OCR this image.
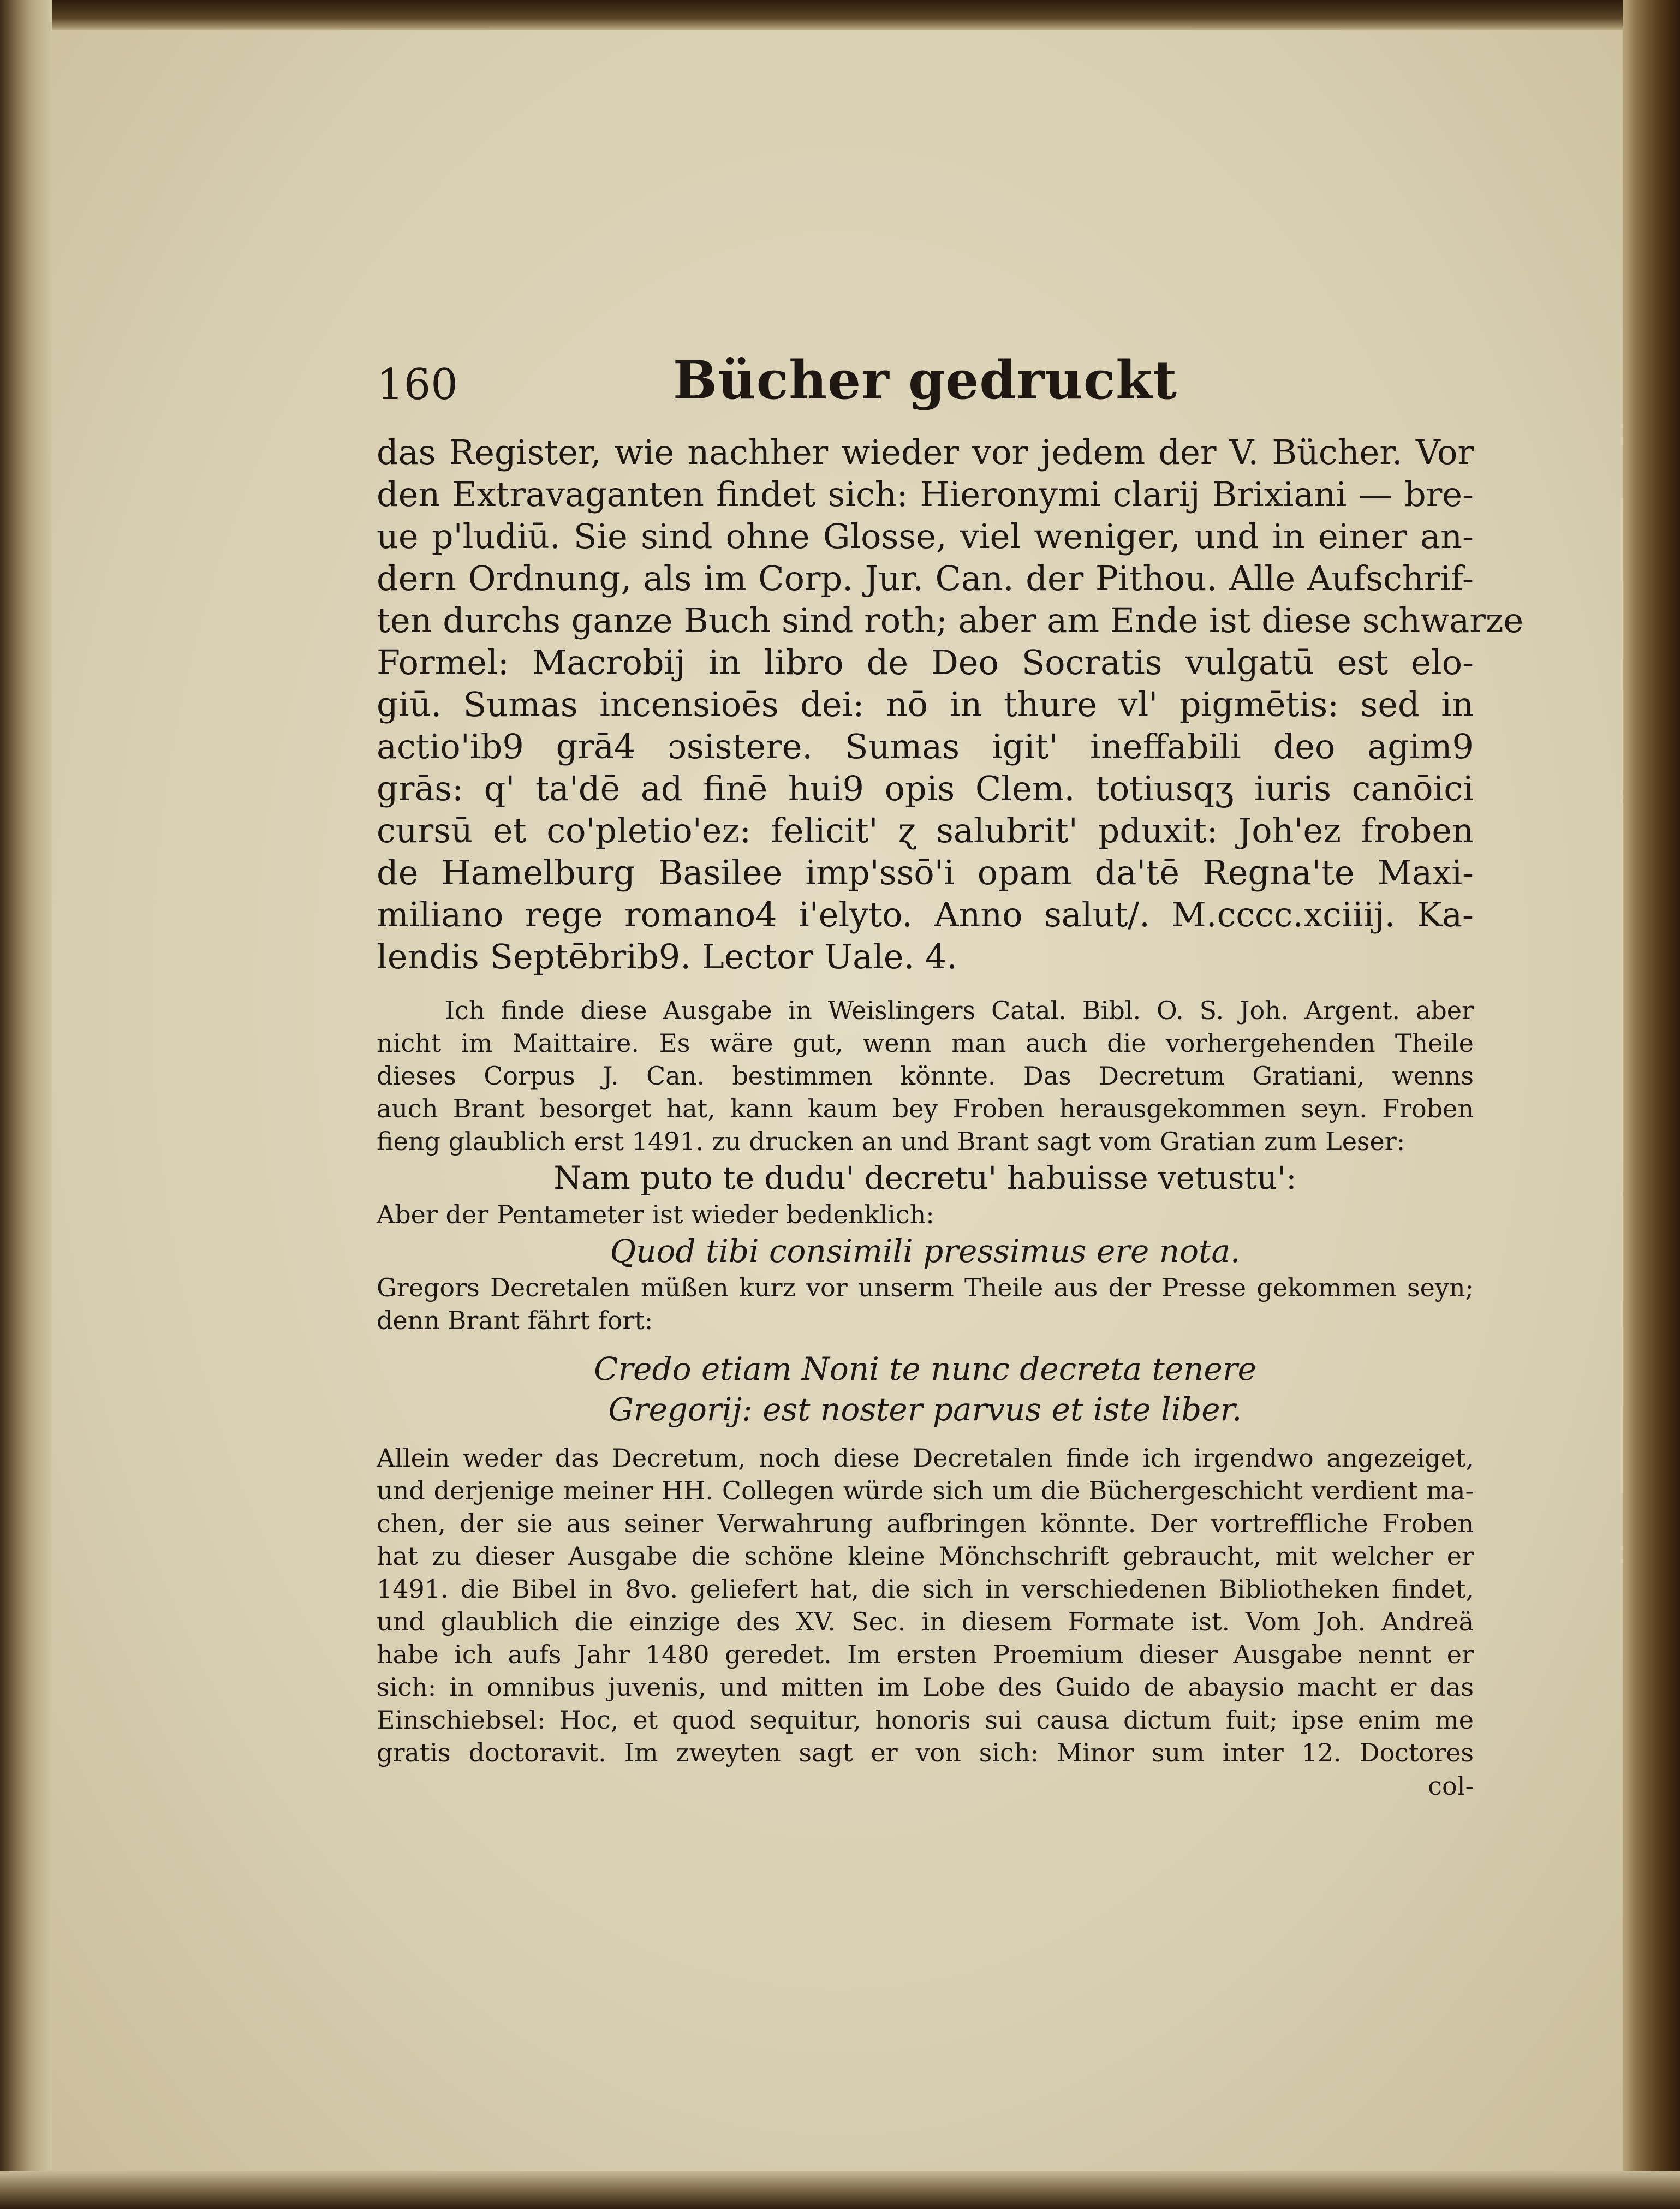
160	Bücher gedruckt
das Register, wie nachher wieder vor jedem der V. Bücher. Vor
den Extravaganten findet sich: Hieronymi clarij Brixiani — bre-
ue p'ludiū. Sie sind ohne Glosse, viel weniger, und in einer an-
dern Ordnung, als im Corp. Jur. Can. der Pithou. Alle Aufschrif-
ten durchs ganze Buch sind roth; aber am Ende ist diese schwarze
Formel: Macrobij in libro de Deo Socratis vulgatū est elo-
giū. Sumas incensioēs dei: nō in thure vl' pigmētis: sed in
actio'ib9 grā4 ɔsistere. Sumas igit' ineffabili deo agim9
grās: q' ta'dē ad finē hui9 opis Clem. totiusqʒ iuris canōici
cursū et co'pletio'ez: felicit' ɀ salubrit' pduxit: Joh'ez froben
de Hamelburg Basilee imp'ssō'i opam da'tē Regna'te Maxi-
miliano rege romano4 i'elyto. Anno salut/. M.cccc.xciiij. Ka-
lendis Septēbrib9. Lector Uale. 4.
Ich finde diese Ausgabe in Weislingers Catal. Bibl. O. S. Joh. Argent. aber
nicht im Maittaire. Es wäre gut, wenn man auch die vorhergehenden Theile
dieses Corpus J. Can. bestimmen könnte. Das Decretum Gratiani, wenns
auch Brant besorget hat, kann kaum bey Froben herausgekommen seyn. Froben
fieng glaublich erst 1491. zu drucken an und Brant sagt vom Gratian zum Leser:
Nam puto te dudu' decretu' habuisse vetustu':
Aber der Pentameter ist wieder bedenklich:
Quod tibi consimili pressimus ere nota.
Gregors Decretalen müßen kurz vor unserm Theile aus der Presse gekommen seyn;
denn Brant fährt fort:
Credo etiam Noni te nunc decreta tenere
Gregorij: est noster parvus et iste liber.
Allein weder das Decretum, noch diese Decretalen finde ich irgendwo angezeiget,
und derjenige meiner HH. Collegen würde sich um die Büchergeschicht verdient ma-
chen, der sie aus seiner Verwahrung aufbringen könnte. Der vortreffliche Froben
hat zu dieser Ausgabe die schöne kleine Mönchschrift gebraucht, mit welcher er
1491. die Bibel in 8vo. geliefert hat, die sich in verschiedenen Bibliotheken findet,
und glaublich die einzige des XV. Sec. in diesem Formate ist. Vom Joh. Andreä
habe ich aufs Jahr 1480 geredet. Im ersten Proemium dieser Ausgabe nennt er
sich: in omnibus juvenis, und mitten im Lobe des Guido de abaysio macht er das
Einschiebsel: Hoc, et quod sequitur, honoris sui causa dictum fuit; ipse enim me
gratis doctoravit. Im zweyten sagt er von sich: Minor sum inter 12. Doctores
col-
